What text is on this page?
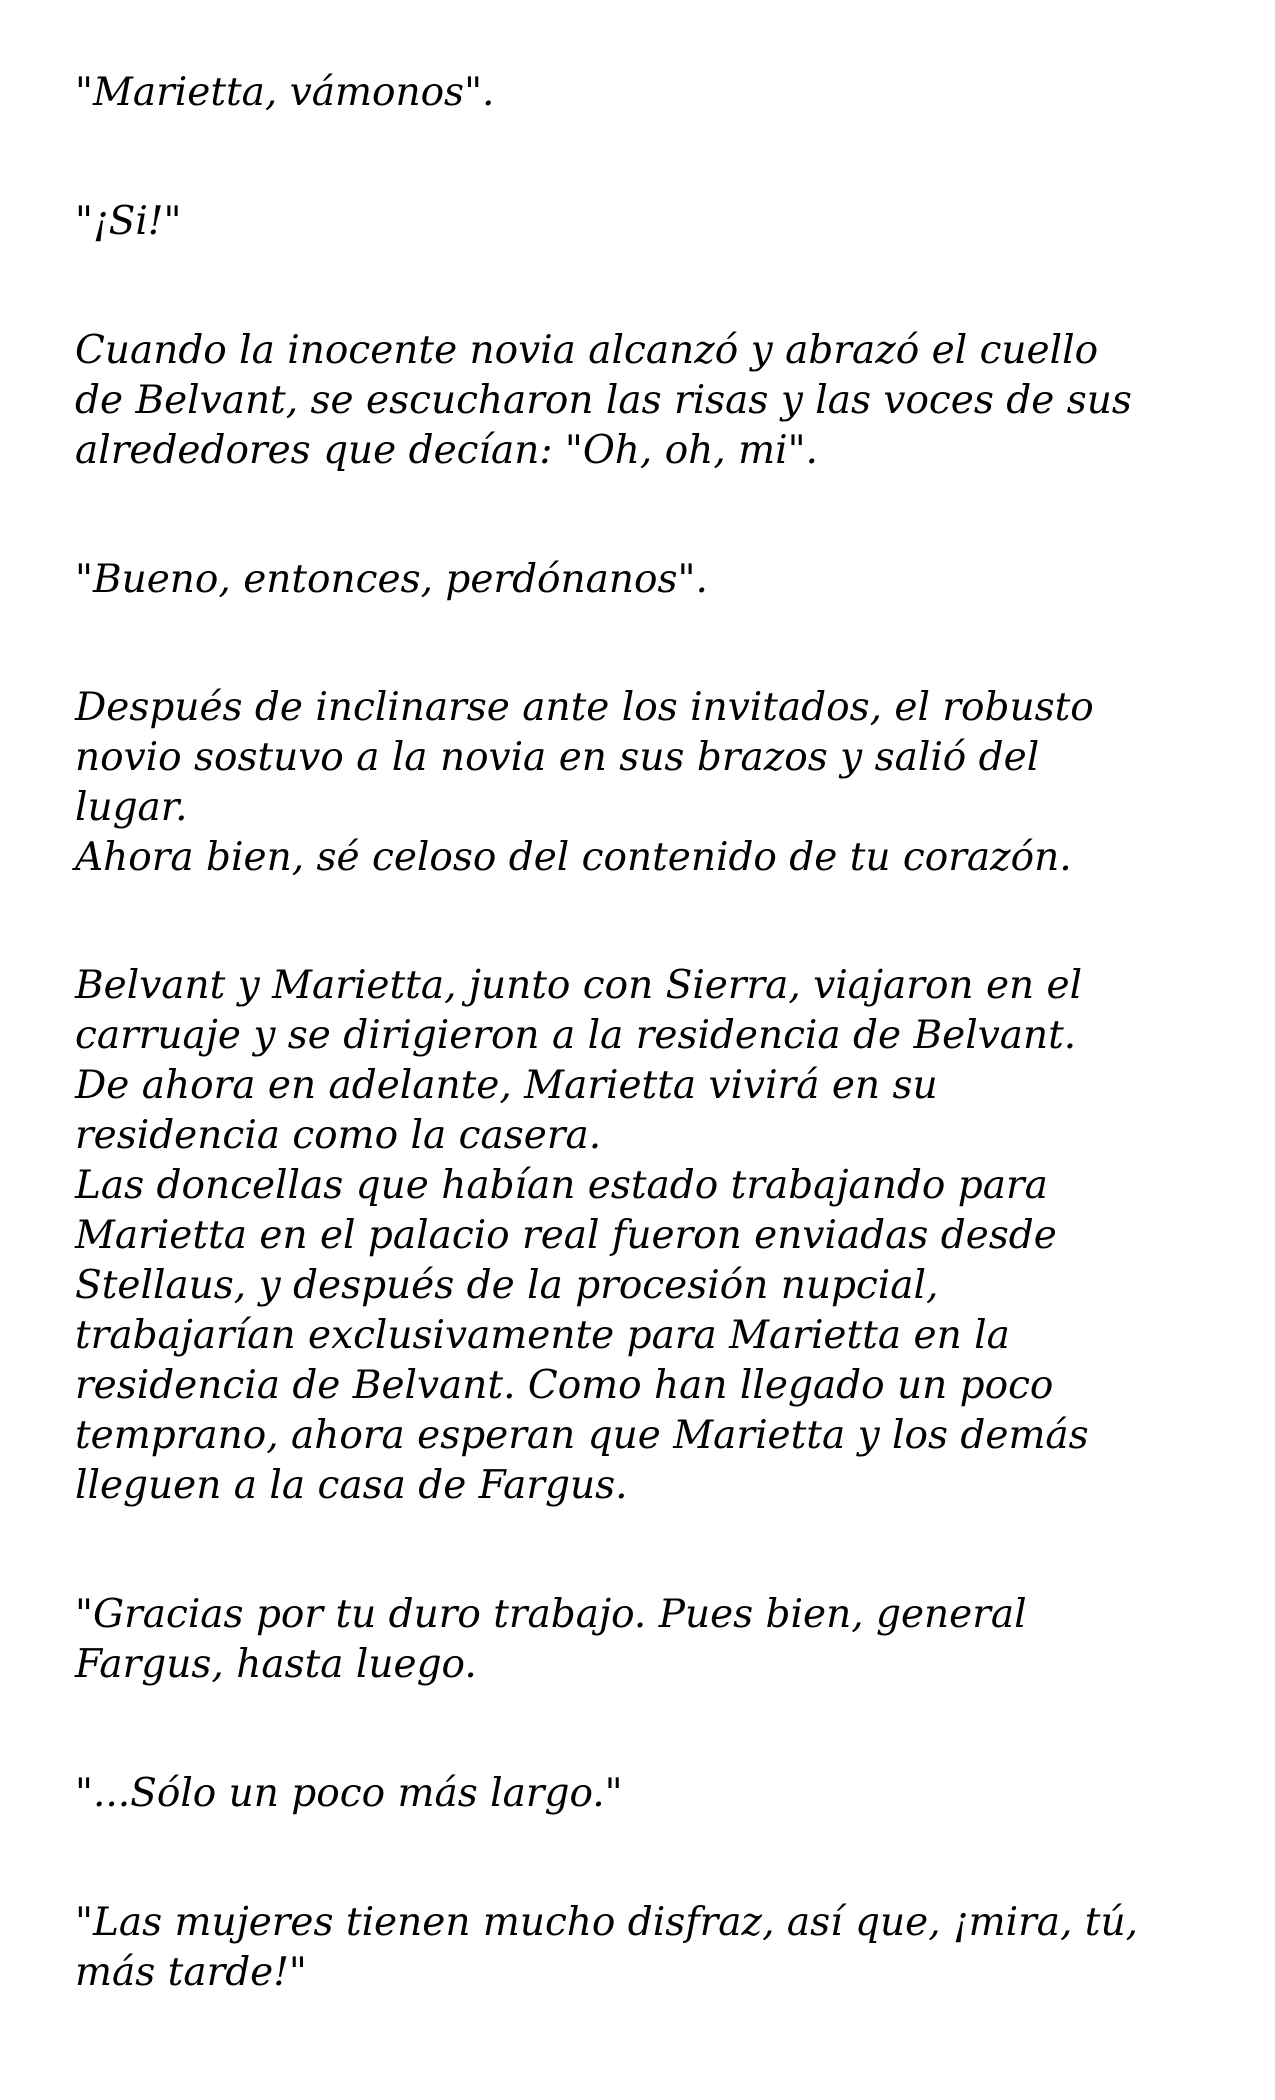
"Marietta, vámonos".

"¡Si!"

Cuando la inocente novia alcanzó y abrazó el cuello
de Belvant, se escucharon las risas y las voces de sus
alrededores que decían: "Oh, oh, mi".

"Bueno, entonces, perdónanos".

Después de inclinarse ante los invitados, el robusto
novio sostuvo a la novia en sus brazos y salió del
lugar.
Ahora bien, sé celoso del contenido de tu corazón.

Belvant y Marietta, junto con Sierra, viajaron en el
carruaje y se dirigieron a la residencia de Belvant.
De ahora en adelante, Marietta vivirá en su
residencia como la casera.
Las doncellas que habían estado trabajando para
Marietta en el palacio real fueron enviadas desde
Stellaus, y después de la procesión nupcial,
trabajarían exclusivamente para Marietta en la
residencia de Belvant. Como han llegado un poco
temprano, ahora esperan que Marietta y los demás
lleguen a la casa de Fargus.

"Gracias por tu duro trabajo. Pues bien, general
Fargus, hasta luego.

"...Sólo un poco más largo."

"Las mujeres tienen mucho disfraz, así que, ¡mira, tú,
más tarde!"
